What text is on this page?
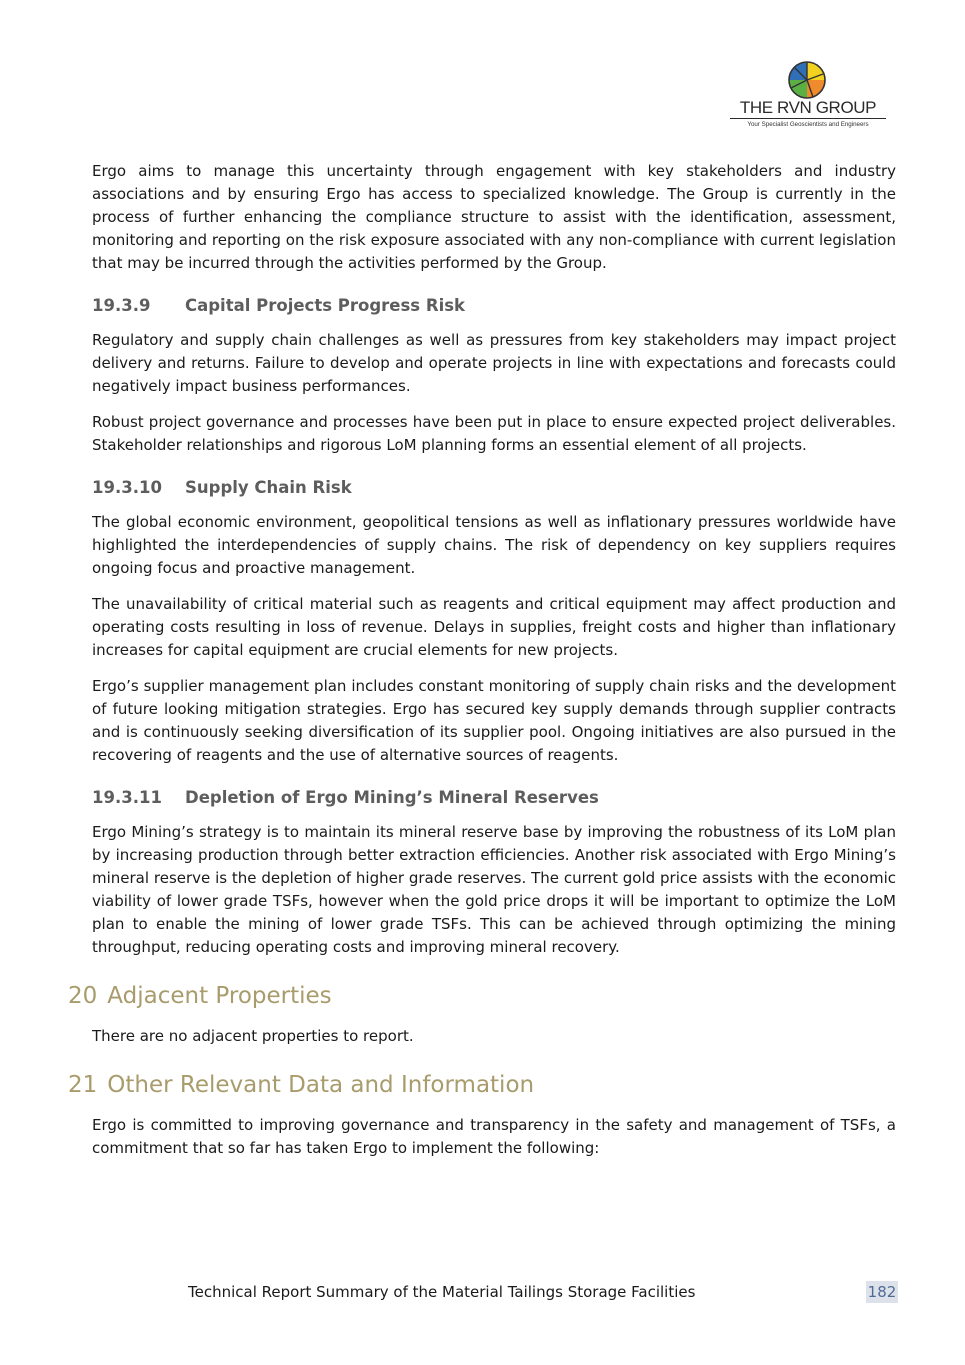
THE RVN GROUP
Your Specialist Geoscientists and Engineers

Ergo aims to manage this uncertainty through engagement with key stakeholders and industry associations and by ensuring Ergo has access to specialized knowledge. The Group is currently in the process of further enhancing the compliance structure to assist with the identification, assessment, monitoring and reporting on the risk exposure associated with any non-compliance with current legislation that may be incurred through the activities performed by the Group.

19.3.9 Capital Projects Progress Risk

Regulatory and supply chain challenges as well as pressures from key stakeholders may impact project delivery and returns. Failure to develop and operate projects in line with expectations and forecasts could negatively impact business performances.

Robust project governance and processes have been put in place to ensure expected project deliverables. Stakeholder relationships and rigorous LoM planning forms an essential element of all projects.

19.3.10 Supply Chain Risk

The global economic environment, geopolitical tensions as well as inflationary pressures worldwide have highlighted the interdependencies of supply chains. The risk of dependency on key suppliers requires ongoing focus and proactive management.

The unavailability of critical material such as reagents and critical equipment may affect production and operating costs resulting in loss of revenue. Delays in supplies, freight costs and higher than inflationary increases for capital equipment are crucial elements for new projects.

Ergo’s supplier management plan includes constant monitoring of supply chain risks and the development of future looking mitigation strategies. Ergo has secured key supply demands through supplier contracts and is continuously seeking diversification of its supplier pool. Ongoing initiatives are also pursued in the recovering of reagents and the use of alternative sources of reagents.

19.3.11 Depletion of Ergo Mining’s Mineral Reserves

Ergo Mining’s strategy is to maintain its mineral reserve base by improving the robustness of its LoM plan by increasing production through better extraction efficiencies. Another risk associated with Ergo Mining’s mineral reserve is the depletion of higher grade reserves. The current gold price assists with the economic viability of lower grade TSFs, however when the gold price drops it will be important to optimize the LoM plan to enable the mining of lower grade TSFs. This can be achieved through optimizing the mining throughput, reducing operating costs and improving mineral recovery.

20 Adjacent Properties

There are no adjacent properties to report.

21 Other Relevant Data and Information

Ergo is committed to improving governance and transparency in the safety and management of TSFs, a commitment that so far has taken Ergo to implement the following:

Technical Report Summary of the Material Tailings Storage Facilities	182
